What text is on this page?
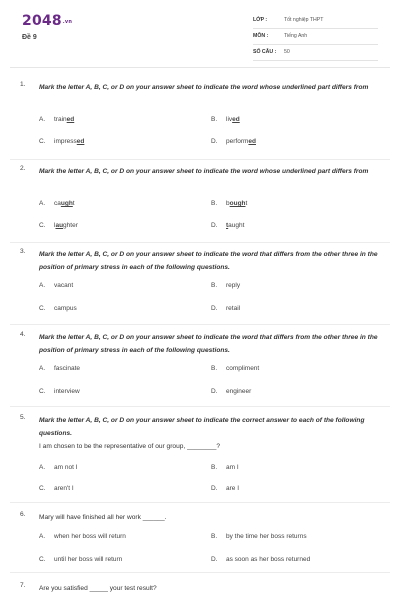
$2048^{.vn}$
Đề 9
LỚP :	Tốt nghiệp THPT
MÔN :	Tiếng Anh
SỐ CÂU : 50
1. Mark the letter A, B, C, or D on your answer sheet to indicate the word whose underlined part differs from
A. trained	B. lived
C. impressed	D. performed
2. Mark the letter A, B, C, or D on your answer sheet to indicate the word whose underlined part differs from
A. caught	B. bought
C. laughter	D. taught
3. Mark the letter A, B, C, or D on your answer sheet to indicate the word that differs from the other three in the position of primary stress in each of the following questions.
A. vacant	B. reply
C. campus	D. retail
4. Mark the letter A, B, C, or D on your answer sheet to indicate the word that differs from the other three in the position of primary stress in each of the following questions.
A. fascinate	B. compliment
C. interview	D. engineer
5. Mark the letter A, B, C, or D on your answer sheet to indicate the correct answer to each of the following questions.
I am chosen to be the representative of our group, ________?
A. am not I	B. am I
C. aren't I	D. are I
6. Mary will have finished all her work ______.
A. when her boss will return	B. by the time her boss returns
C. until her boss will return	D. as soon as her boss returned
7. Are you satisfied _____ your test result?
